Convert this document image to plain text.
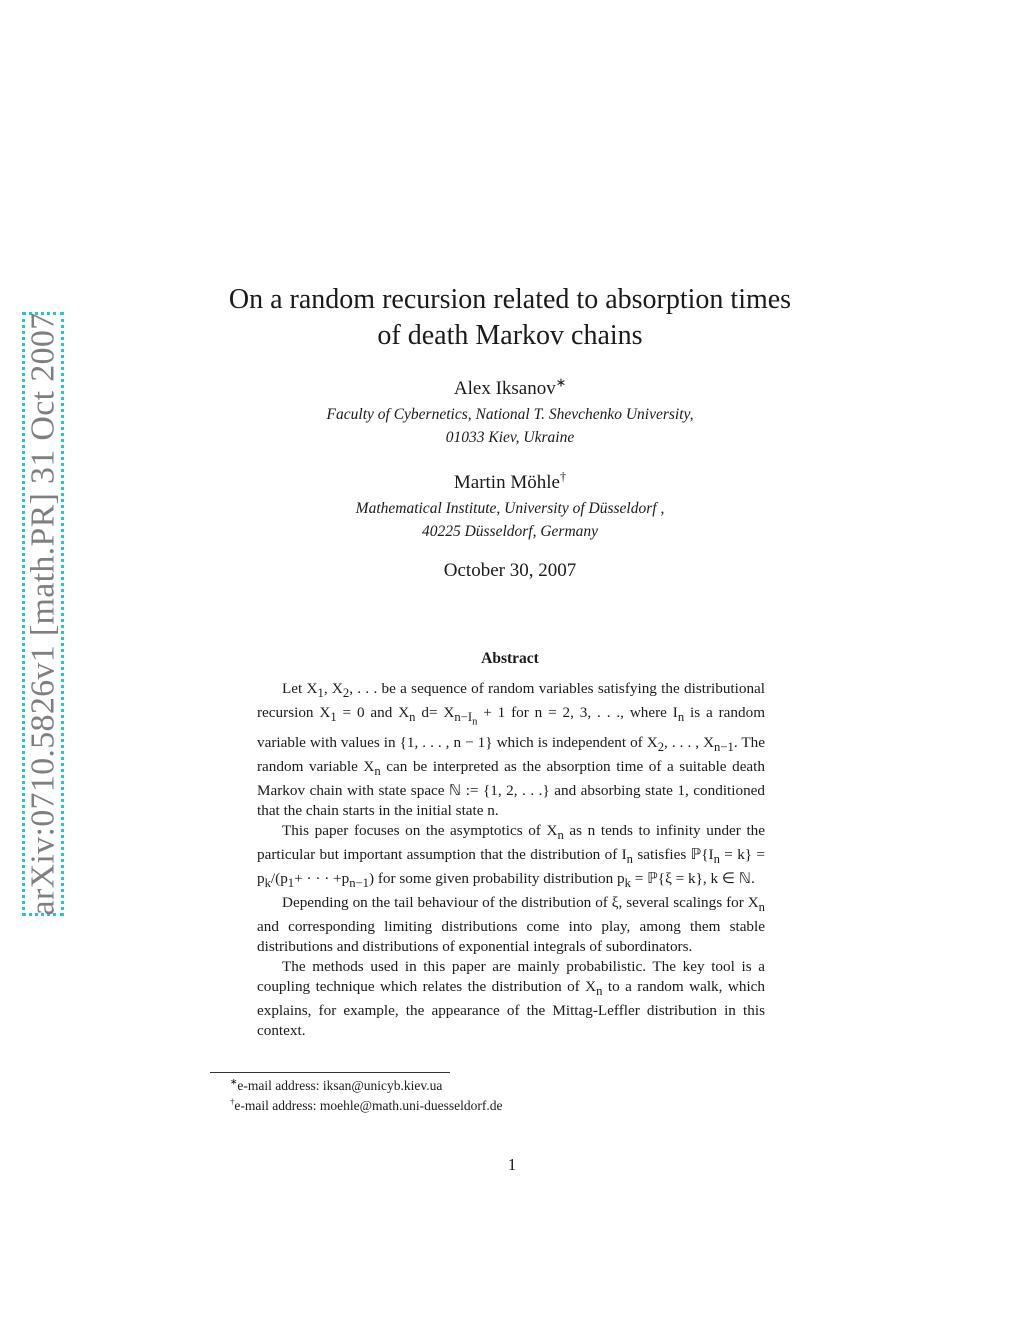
arXiv:0710.5826v1 [math.PR] 31 Oct 2007
On a random recursion related to absorption times
of death Markov chains
Alex Iksanov∗
Faculty of Cybernetics, National T. Shevchenko University,
01033 Kiev, Ukraine
Martin Möhle†
Mathematical Institute, University of Düsseldorf ,
40225 Düsseldorf, Germany
October 30, 2007
Abstract

Let $X_1$, $X_2$, . . . be a sequence of random variables satisfying the distributional recursion $X_1 = 0$ and $X_n$ $d= X_{n-I_n} + 1$ for n = 2, 3, . . ., where $I_n$ is a random variable with values in {1, . . . , n − 1} which is independent of $X_2$, . . . , $X_{n-1}$. The random variable $X_n$ can be interpreted as the absorption time of a suitable death Markov chain with state space ℕ := {1, 2, . . .} and absorbing state 1, conditioned that the chain starts in the initial state n.

This paper focuses on the asymptotics of $X_n$ as n tends to infinity under the particular but important assumption that the distribution of $I_n$ satisfies $ℙ\{I_n = k\} = p_k/(p_1+$ · · · $+p_{n-1}$) for some given probability distribution $p_k$ = ℙ{ξ = k}, k ∈ ℕ.

Depending on the tail behaviour of the distribution of ξ, several scalings for $X_n$ and corresponding limiting distributions come into play, among them stable distributions and distributions of exponential integrals of subordinators.

The methods used in this paper are mainly probabilistic. The key tool is a coupling technique which relates the distribution of $X_n$ to a random walk, which explains, for example, the appearance of the Mittag-Leffler distribution in this context.

∗e-mail address: iksan@unicyb.kiev.ua
†e-mail address: moehle@math.uni-duesseldorf.de
1
